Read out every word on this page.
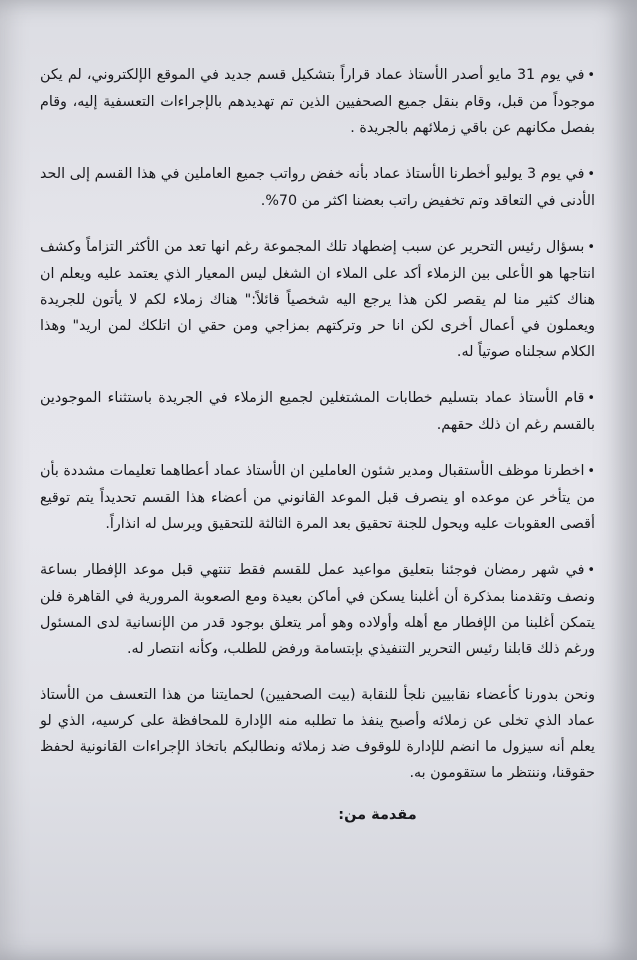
•في يوم 31 مايو أصدر الأستاذ عماد قراراً بتشكيل قسم جديد في الموقع الإلكتروني، لم يكن موجوداً من قبل، وقام بنقل جميع الصحفيين الذين تم تهديدهم بالإجراءات التعسفية إليه، وقام بفصل مكانهم عن باقي زملائهم بالجريدة .

•في يوم 3 يوليو أخطرنا الأستاذ عماد بأنه خفض رواتب جميع العاملين في هذا القسم إلى الحد الأدنى في التعاقد وتم تخفيض راتب بعضنا اكثر من 70%.

•بسؤال رئيس التحرير عن سبب إضطهاد تلك المجموعة رغم انها تعد من الأكثر التزاماً وكشف انتاجها هو الأعلى بين الزملاء أكد على الملاء ان الشغل ليس المعيار الذي يعتمد عليه ويعلم ان هناك كثير منا لم يقصر لكن هذا يرجع اليه شخصياً قائلاً:" هناك زملاء لكم لا يأتون للجريدة ويعملون في أعمال أخرى لكن انا حر وتركتهم بمزاجي ومن حقي ان اتلكك لمن اريد" وهذا الكلام سجلناه صوتياً له.

•قام الأستاذ عماد بتسليم خطابات المشتغلين لجميع الزملاء في الجريدة باستثناء الموجودين بالقسم رغم ان ذلك حقهم.

•اخطرنا موظف الأستقبال ومدير شئون العاملين ان الأستاذ عماد أعطاهما تعليمات مشددة بأن من يتأخر عن موعده او ينصرف قبل الموعد القانوني من أعضاء هذا القسم تحديداً يتم توقيع أقصى العقوبات عليه ويحول للجنة تحقيق بعد المرة الثالثة للتحقيق ويرسل له انذاراً.

•في شهر رمضان فوجئنا بتعليق مواعيد عمل للقسم فقط تنتهي قبل موعد الإفطار بساعة ونصف وتقدمنا بمذكرة أن أغلبنا يسكن في أماكن بعيدة ومع الصعوبة المرورية في القاهرة فلن يتمكن أغلبنا من الإفطار مع أهله وأولاده وهو أمر يتعلق بوجود قدر من الإنسانية لدى المسئول ورغم ذلك قابلنا رئيس التحرير التنفيذي بإبتسامة ورفض للطلب، وكأنه انتصار له.

ونحن بدورنا كأعضاء نقابيين نلجأ للنقابة (بيت الصحفيين) لحمايتنا من هذا التعسف من الأستاذ عماد الذي تخلى عن زملائه وأصبح ينفذ ما تطلبه منه الإدارة للمحافظة على كرسيه، الذي لو يعلم أنه سيزول ما انضم للإدارة للوقوف ضد زملائه ونطالبكم باتخاذ الإجراءات القانونية لحفظ حقوقنا، وننتظر ما ستقومون به.

مقدمة من:
